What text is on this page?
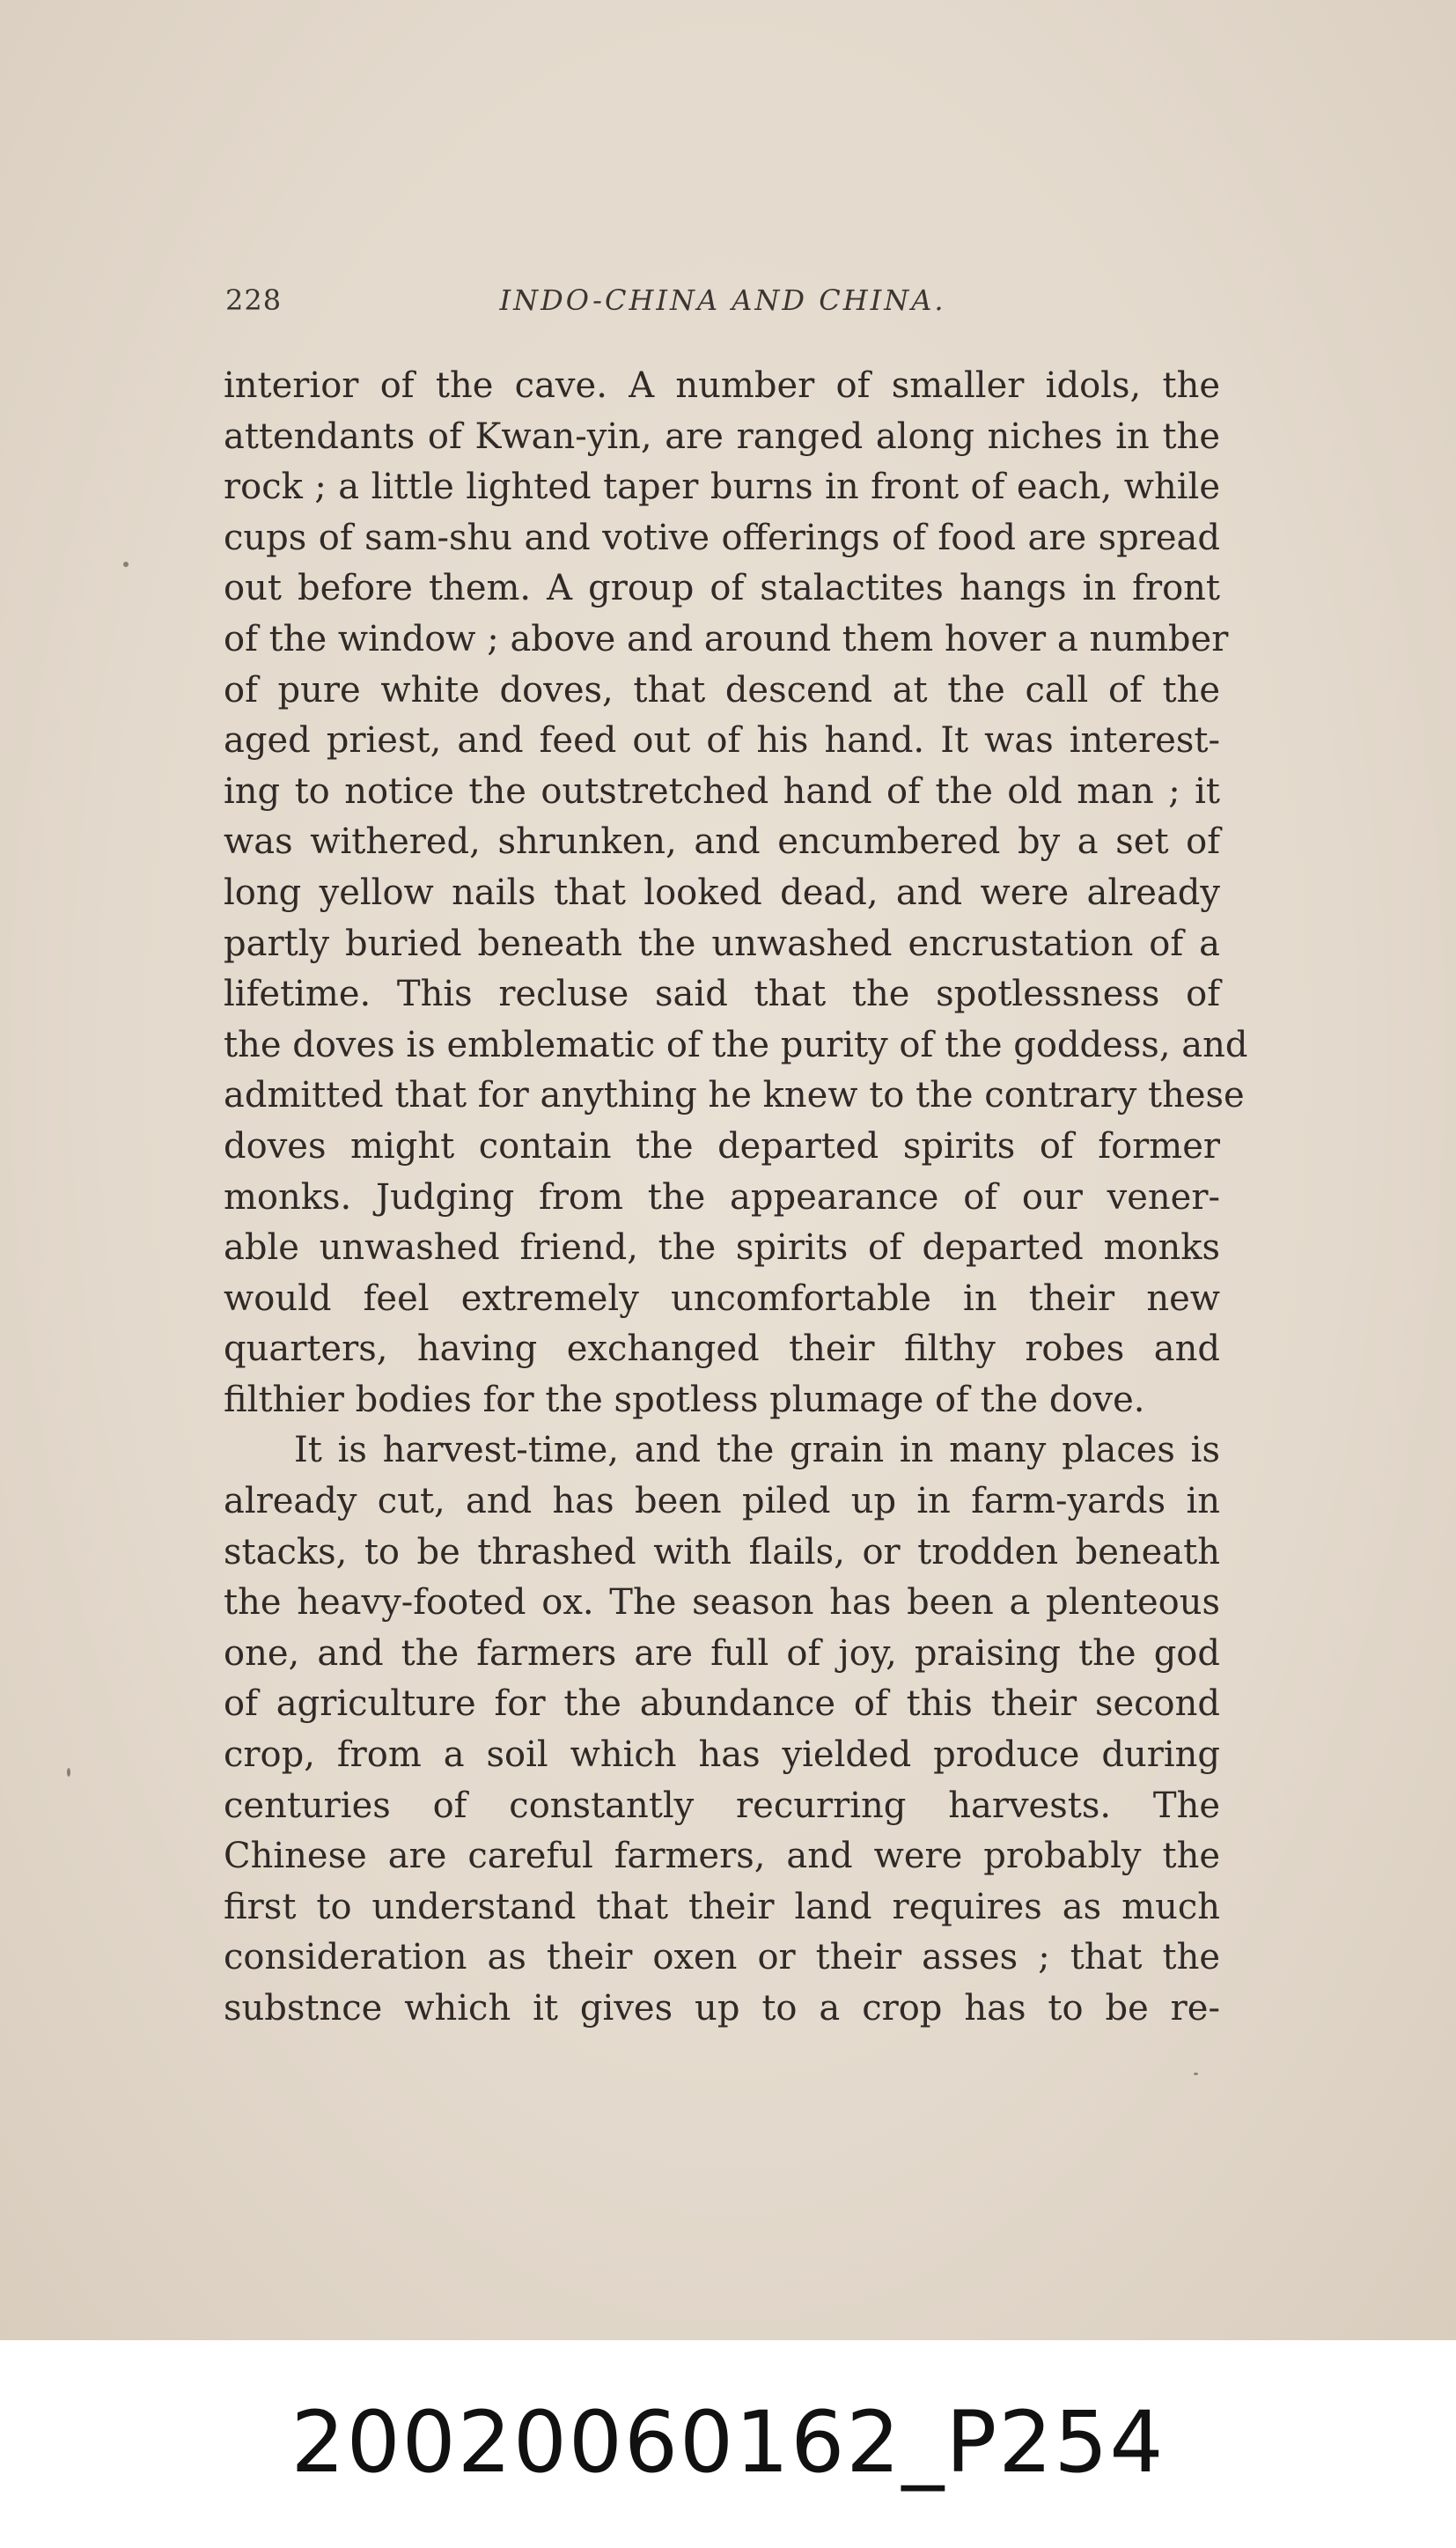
228	INDO-CHINA AND CHINA.
interior of the cave. A number of smaller idols, the
attendants of Kwan-yin, are ranged along niches in the
rock ; a little lighted taper burns in front of each, while
cups of sam-shu and votive offerings of food are spread
out before them. A group of stalactites hangs in front
of the window ; above and around them hover a number
of pure white doves, that descend at the call of the
aged priest, and feed out of his hand. It was interest-
ing to notice the outstretched hand of the old man ; it
was withered, shrunken, and encumbered by a set of
long yellow nails that looked dead, and were already
partly buried beneath the unwashed encrustation of a
lifetime. This recluse said that the spotlessness of
the doves is emblematic of the purity of the goddess, and
admitted that for anything he knew to the contrary these
doves might contain the departed spirits of former
monks. Judging from the appearance of our vener-
able unwashed friend, the spirits of departed monks
would feel extremely uncomfortable in their new
quarters, having exchanged their filthy robes and
filthier bodies for the spotless plumage of the dove.
It is harvest-time, and the grain in many places is
already cut, and has been piled up in farm-yards in
stacks, to be thrashed with flails, or trodden beneath
the heavy-footed ox. The season has been a plenteous
one, and the farmers are full of joy, praising the god
of agriculture for the abundance of this their second
crop, from a soil which has yielded produce during
centuries of constantly recurring harvests. The
Chinese are careful farmers, and were probably the
first to understand that their land requires as much
consideration as their oxen or their asses ; that the
substnce which it gives up to a crop has to be re-
20020060162_P254
